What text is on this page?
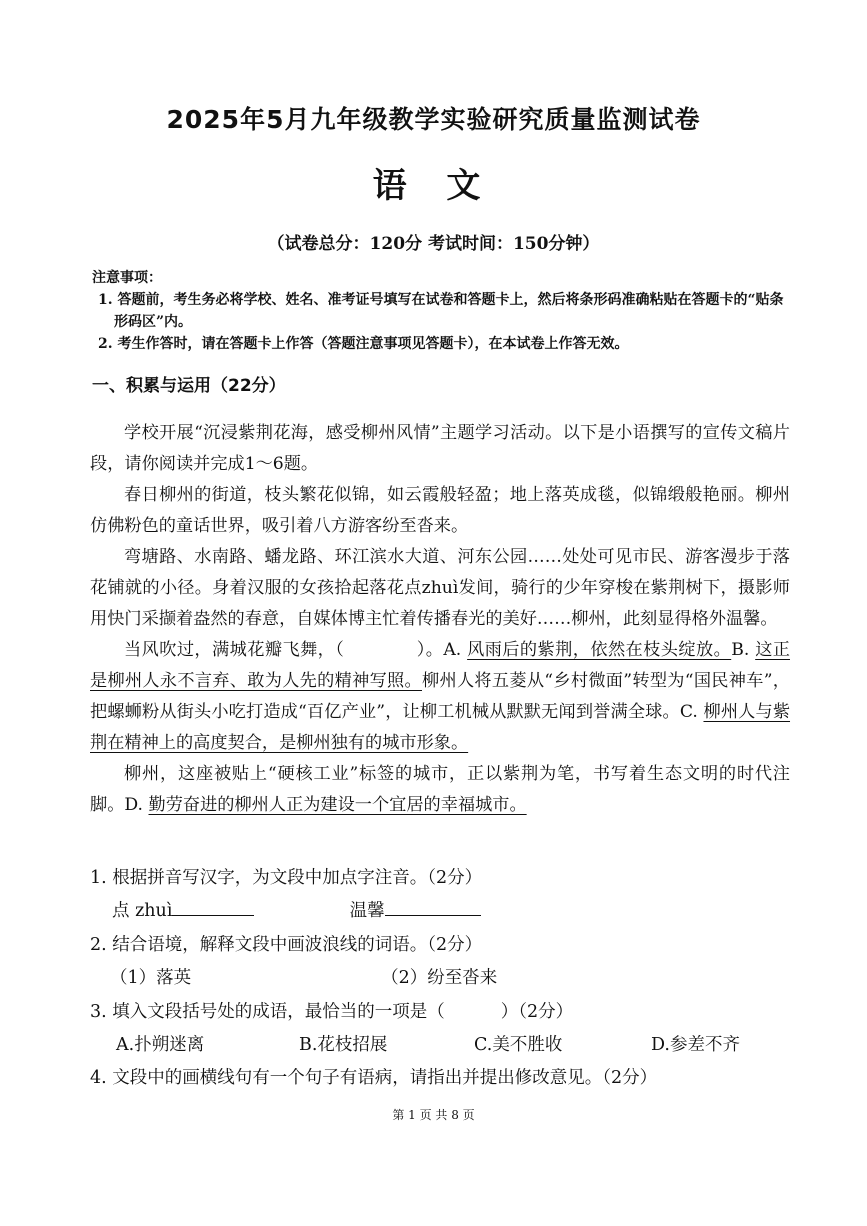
2025年5月九年级教学实验研究质量监测试卷
语 文
（试卷总分：120分 考试时间：150分钟）
注意事项：
1. 答题前，考生务必将学校、姓名、准考证号填写在试卷和答题卡上，然后将条形码准确粘贴在答题卡的“贴条形码区”内。
2. 考生作答时，请在答题卡上作答（答题注意事项见答题卡），在本试卷上作答无效。
一、积累与运用（22分）

学校开展“沉浸紫荆花海，感受柳州风情”主题学习活动。以下是小语撰写的宣传文稿片段，请你阅读并完成1～6题。

春日柳州的街道，枝头繁花似锦，如云霞般轻盈；地上落英成毯，似锦缎般艳丽。柳州仿佛粉色的童话世界，吸引着八方游客纷至沓来。

弯塘路、水南路、蟠龙路、环江滨水大道、河东公园……处处可见市民、游客漫步于落花铺就的小径。身着汉服的女孩拾起落花点zhuì发间，骑行的少年穿梭在紫荆树下，摄影师用快门采撷着盎然的春意，自媒体博主忙着传播春光的美好……柳州，此刻显得格外温馨。

当风吹过，满城花瓣飞舞，（	）。A. 风雨后的紫荆，依然在枝头绽放。B. 这正是柳州人永不言弃、敢为人先的精神写照。柳州人将五菱从“乡村微面”转型为“国民神车”，把螺蛳粉从街头小吃打造成“百亿产业”，让柳工机械从默默无闻到誉满全球。C. 柳州人与紫荆在精神上的高度契合，是柳州独有的城市形象。

柳州，这座被贴上“硬核工业”标签的城市，正以紫荆为笔，书写着生态文明的时代注脚。D. 勤劳奋进的柳州人正为建设一个宜居的幸福城市。

1. 根据拼音写汉字，为文段中加点字注音。（2分）
点 zhuì	温馨
2. 结合语境，解释文段中画波浪线的词语。（2分）
（1）落英	（2）纷至沓来
3. 填入文段括号处的成语，最恰当的一项是（	）（2分）
A.扑朔迷离	B.花枝招展	C.美不胜收	D.参差不齐
4. 文段中的画横线句有一个句子有语病，请指出并提出修改意见。（2分）
第 1 页 共 8 页
